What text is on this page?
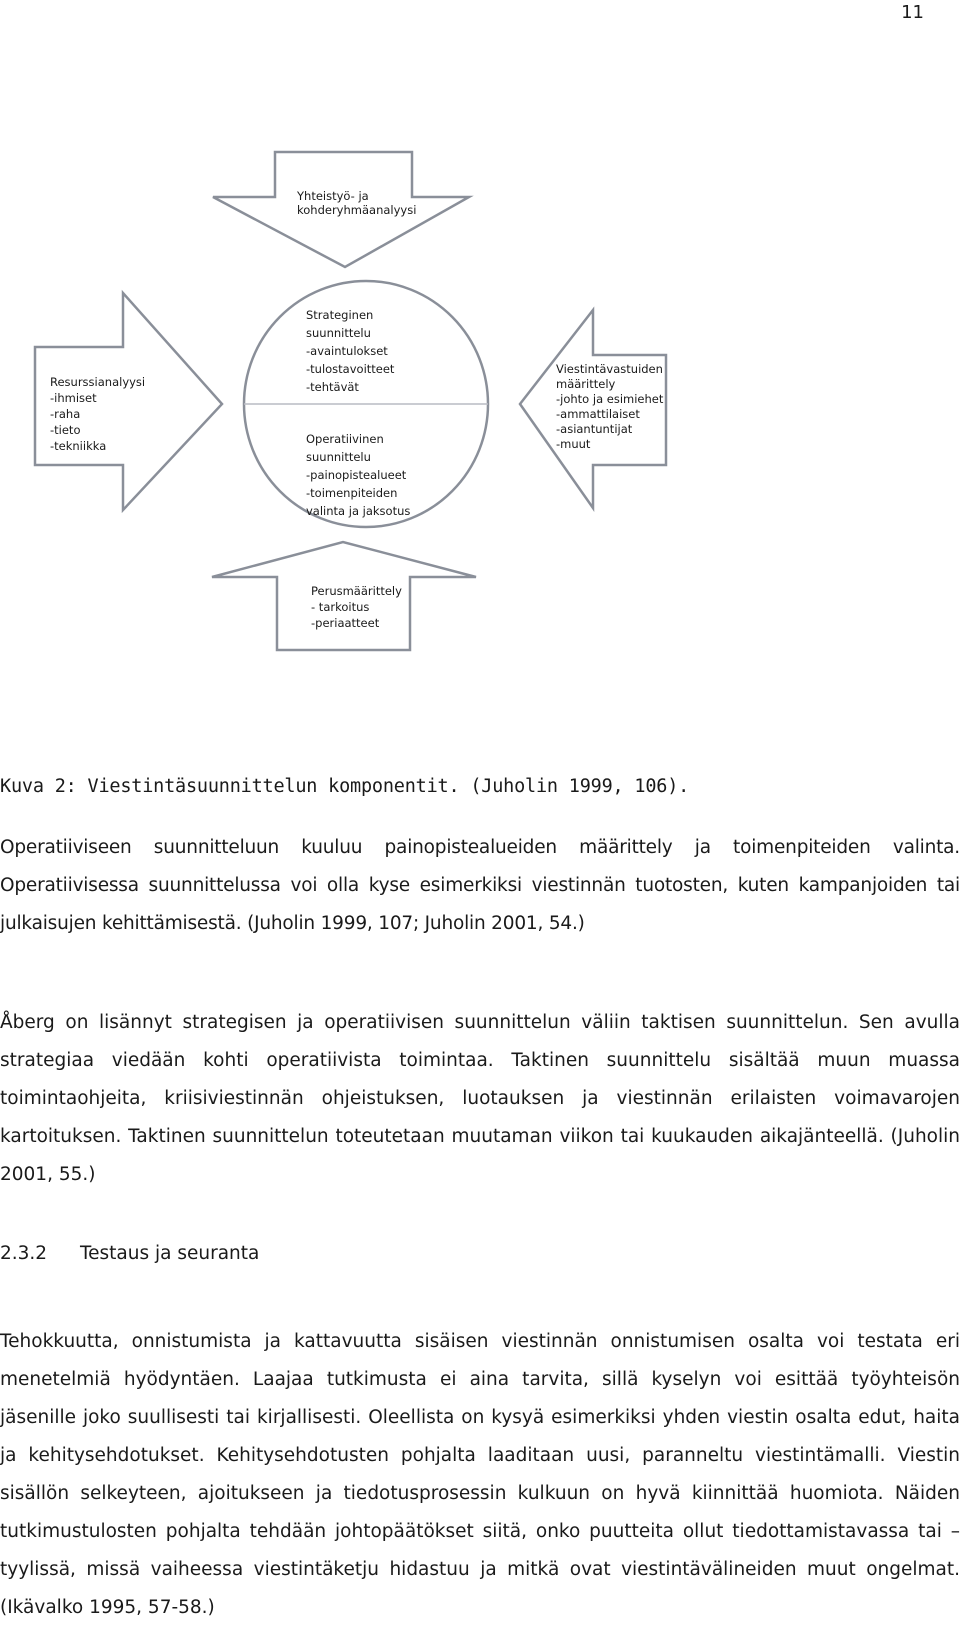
11
Yhteistyö- ja kohderyhmäanalyysi
Resurssianalyysi -ihmiset -raha -tieto -tekniikka
Viestintävastuiden määrittely -johto ja esimiehet -ammattilaiset -asiantuntijat -muut
Perusmäärittely - tarkoitus -periaatteet
Strateginen suunnittelu -avaintulokset -tulostavoitteet -tehtävät
Operatiivinen suunnittelu -painopistealueet -toimenpiteiden valinta ja jaksotus
Kuva 2: Viestintäsuunnittelun komponentit. (Juholin 1999, 106).

Operatiiviseen suunnitteluun kuuluu painopistealueiden määrittely ja toimenpiteiden valinta. Operatiivisessa suunnittelussa voi olla kyse esimerkiksi viestinnän tuotosten, kuten kampanjoiden tai julkaisujen kehittämisestä. (Juholin 1999, 107; Juholin 2001, 54.)

Åberg on lisännyt strategisen ja operatiivisen suunnittelun väliin taktisen suunnittelun. Sen avulla strategiaa viedään kohti operatiivista toimintaa. Taktinen suunnittelu sisältää muun muassa toimintaohjeita, kriisiviestinnän ohjeistuksen, luotauksen ja viestinnän erilaisten voimavarojen kartoituksen. Taktinen suunnittelun toteutetaan muutaman viikon tai kuukauden aikajänteellä. (Juholin 2001, 55.)

2.3.2 Testaus ja seuranta

Tehokkuutta, onnistumista ja kattavuutta sisäisen viestinnän onnistumisen osalta voi testata eri menetelmiä hyödyntäen. Laajaa tutkimusta ei aina tarvita, sillä kyselyn voi esittää työyhteisön jäsenille joko suullisesti tai kirjallisesti. Oleellista on kysyä esimerkiksi yhden viestin osalta edut, haita ja kehitysehdotukset. Kehitysehdotusten pohjalta laaditaan uusi, paranneltu viestintämalli. Viestin sisällön selkeyteen, ajoitukseen ja tiedotusprosessin kulkuun on hyvä kiinnittää huomiota. Näiden tutkimustulosten pohjalta tehdään johtopäätökset siitä, onko puutteita ollut tiedottamistavassa tai –tyylissä, missä vaiheessa viestintäketju hidastuu ja mitkä ovat viestintävälineiden muut ongelmat. (Ikävalko 1995, 57-58.)
